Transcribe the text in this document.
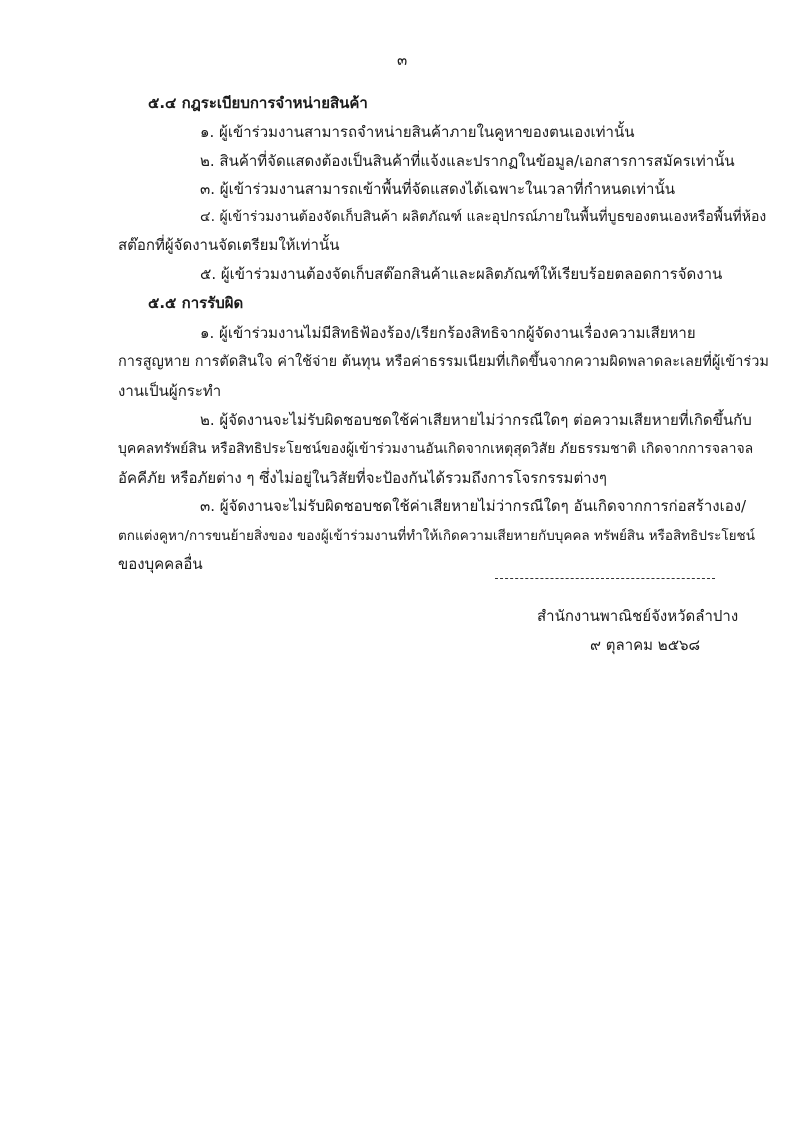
๓
๕.๔ กฎระเบียบการจำหน่ายสินค้า
๑. ผู้เข้าร่วมงานสามารถจำหน่ายสินค้าภายในคูหาของตนเองเท่านั้น
๒. สินค้าที่จัดแสดงต้องเป็นสินค้าที่แจ้งและปรากฏในข้อมูล/เอกสารการสมัครเท่านั้น
๓. ผู้เข้าร่วมงานสามารถเข้าพื้นที่จัดแสดงได้เฉพาะในเวลาที่กำหนดเท่านั้น
๔. ผู้เข้าร่วมงานต้องจัดเก็บสินค้า ผลิตภัณฑ์ และอุปกรณ์ภายในพื้นที่บูธของตนเองหรือพื้นที่ห้อง
สต๊อกที่ผู้จัดงานจัดเตรียมให้เท่านั้น
๕. ผู้เข้าร่วมงานต้องจัดเก็บสต๊อกสินค้าและผลิตภัณฑ์ให้เรียบร้อยตลอดการจัดงาน
๕.๕ การรับผิด
๑. ผู้เข้าร่วมงานไม่มีสิทธิฟ้องร้อง/เรียกร้องสิทธิจากผู้จัดงานเรื่องความเสียหาย
การสูญหาย การตัดสินใจ ค่าใช้จ่าย ต้นทุน หรือค่าธรรมเนียมที่เกิดขึ้นจากความผิดพลาดละเลยที่ผู้เข้าร่วม
งานเป็นผู้กระทำ
๒. ผู้จัดงานจะไม่รับผิดชอบชดใช้ค่าเสียหายไม่ว่ากรณีใดๆ ต่อความเสียหายที่เกิดขึ้นกับ
บุคคลทรัพย์สิน หรือสิทธิประโยชน์ของผู้เข้าร่วมงานอันเกิดจากเหตุสุดวิสัย ภัยธรรมชาติ เกิดจากการจลาจล
อัคคีภัย หรือภัยต่าง ๆ ซึ่งไม่อยู่ในวิสัยที่จะป้องกันได้รวมถึงการโจรกรรมต่างๆ
๓. ผู้จัดงานจะไม่รับผิดชอบชดใช้ค่าเสียหายไม่ว่ากรณีใดๆ อันเกิดจากการก่อสร้างเอง/
ตกแต่งคูหา/การขนย้ายสิ่งของ ของผู้เข้าร่วมงานที่ทำให้เกิดความเสียหายกับบุคคล ทรัพย์สิน หรือสิทธิประโยชน์
ของบุคคลอื่น
สำนักงานพาณิชย์จังหวัดลำปาง
๙ ตุลาคม ๒๕๖๘
